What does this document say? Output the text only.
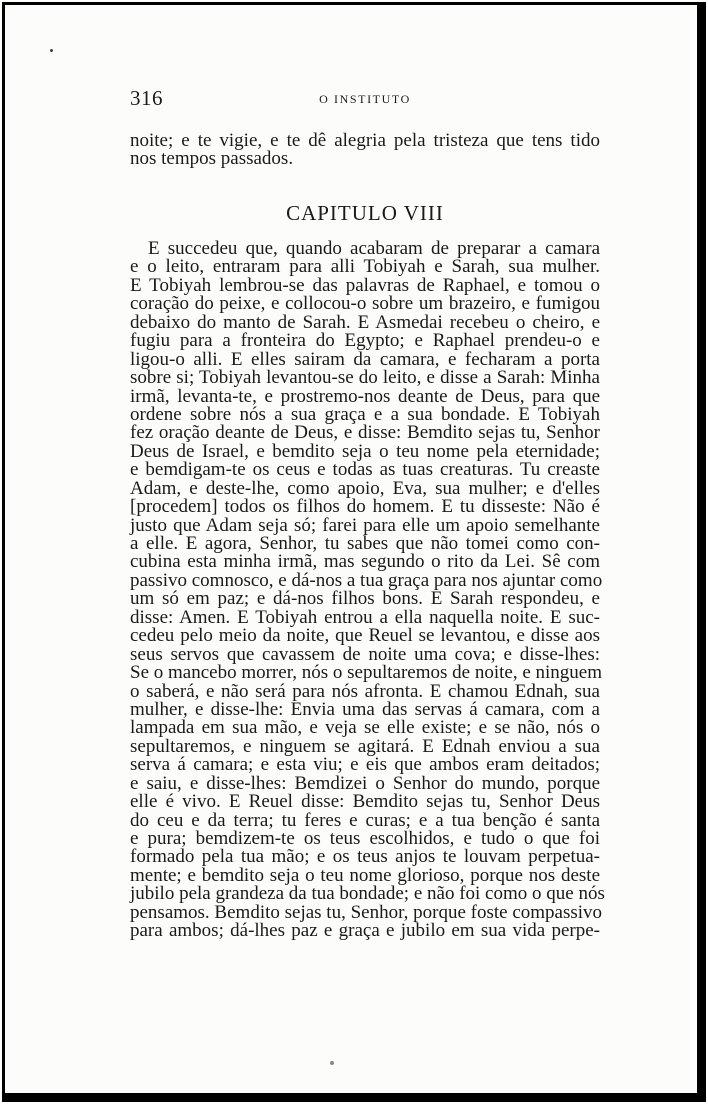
316	O INSTITUTO
noite; e te vigie, e te dê alegria pela tristeza que tens tido
nos tempos passados.
CAPITULO VIII
E succedeu que, quando acabaram de preparar a camara
e o leito, entraram para alli Tobiyah e Sarah, sua mulher.
E Tobiyah lembrou-se das palavras de Raphael, e tomou o
coração do peixe, e collocou-o sobre um brazeiro, e fumigou
debaixo do manto de Sarah. E Asmedai recebeu o cheiro, e
fugiu para a fronteira do Egypto; e Raphael prendeu-o e
ligou-o alli. E elles sairam da camara, e fecharam a porta
sobre si; Tobiyah levantou-se do leito, e disse a Sarah: Minha
irmã, levanta-te, e prostremo-nos deante de Deus, para que
ordene sobre nós a sua graça e a sua bondade. E Tobiyah
fez oração deante de Deus, e disse: Bemdito sejas tu, Senhor
Deus de Israel, e bemdito seja o teu nome pela eternidade;
e bemdigam-te os ceus e todas as tuas creaturas. Tu creaste
Adam, e deste-lhe, como apoio, Eva, sua mulher; e d'elles
[procedem] todos os filhos do homem. E tu disseste: Não é
justo que Adam seja só; farei para elle um apoio semelhante
a elle. E agora, Senhor, tu sabes que não tomei como con-
cubina esta minha irmã, mas segundo o rito da Lei. Sê com
passivo comnosco, e dá-nos a tua graça para nos ajuntar como
um só em paz; e dá-nos filhos bons. E Sarah respondeu, e
disse: Amen. E Tobiyah entrou a ella naquella noite. E suc-
cedeu pelo meio da noite, que Reuel se levantou, e disse aos
seus servos que cavassem de noite uma cova; e disse-lhes:
Se o mancebo morrer, nós o sepultaremos de noite, e ninguem
o saberá, e não será para nós afronta. E chamou Ednah, sua
mulher, e disse-lhe: Envia uma das servas á camara, com a
lampada em sua mão, e veja se elle existe; e se não, nós o
sepultaremos, e ninguem se agitará. E Ednah enviou a sua
serva á camara; e esta viu; e eis que ambos eram deitados;
e saiu, e disse-lhes: Bemdizei o Senhor do mundo, porque
elle é vivo. E Reuel disse: Bemdito sejas tu, Senhor Deus
do ceu e da terra; tu feres e curas; e a tua benção é santa
e pura; bemdizem-te os teus escolhidos, e tudo o que foi
formado pela tua mão; e os teus anjos te louvam perpetua-
mente; e bemdito seja o teu nome glorioso, porque nos deste
jubilo pela grandeza da tua bondade; e não foi como o que nós
pensamos. Bemdito sejas tu, Senhor, porque foste compassivo
para ambos; dá-lhes paz e graça e jubilo em sua vida perpe-
